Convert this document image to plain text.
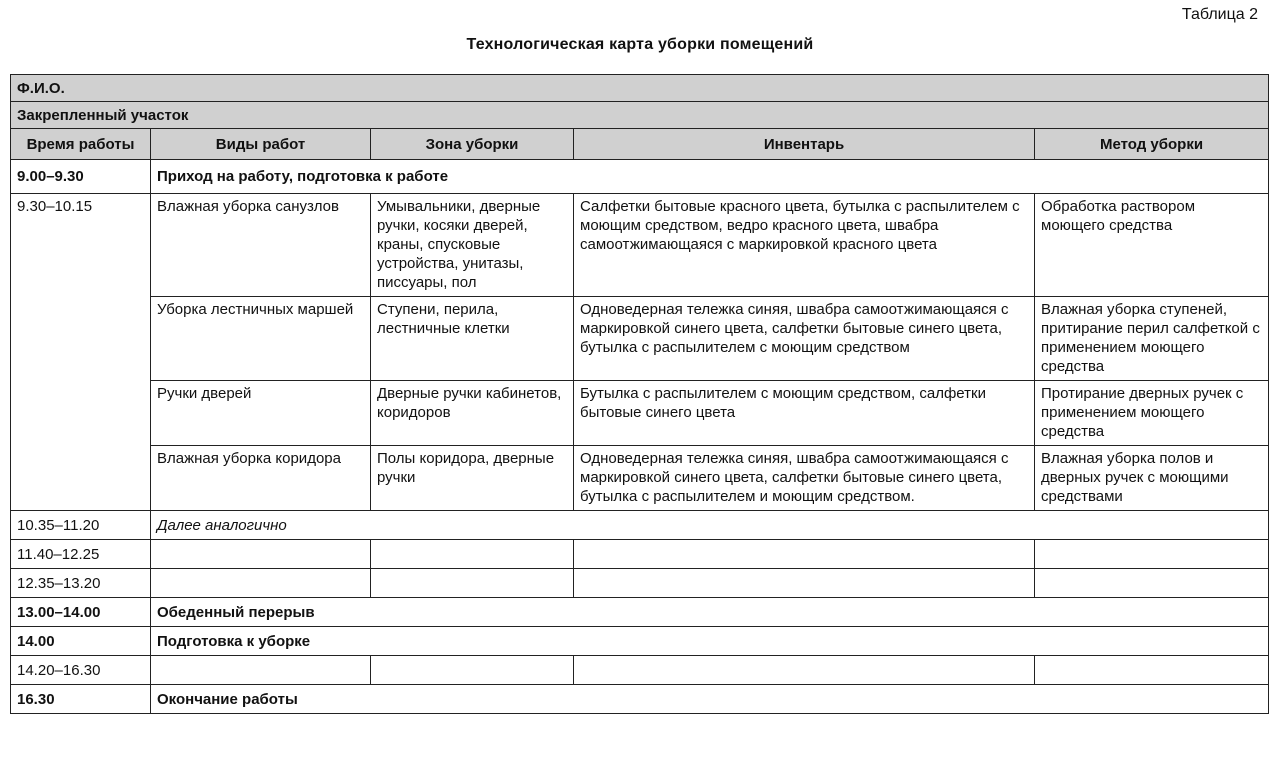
Таблица 2
Технологическая карта уборки помещений
Ф.И.О.				
Закрепленный участок				
Время работы	Виды работ	Зона уборки	Инвентарь	Метод уборки
9.00–9.30	Приход на работу, подготовка к работе			
9.30–10.15	Влажная уборка санузлов	Умывальники, дверные ручки, косяки дверей, краны, спусковые устройства, унитазы, писсуары, пол	Салфетки бытовые красного цвета, бутылка с распылителем с моющим средством, ведро красного цвета, швабра самоотжимающаяся с маркировкой красного цвета	Обработка раствором моющего средства
	Уборка лестничных маршей	Ступени, перила, лестничные клетки	Одноведерная тележка синяя, швабра самоотжимающаяся с маркировкой синего цвета, салфетки бытовые синего цвета, бутылка с распылителем с моющим средством	Влажная уборка ступеней, притирание перил салфеткой с применением моющего средства
	Ручки дверей	Дверные ручки кабинетов, коридоров	Бутылка с распылителем с моющим средством, салфетки бытовые синего цвета	Протирание дверных ручек с применением моющего средства
	Влажная уборка коридора	Полы коридора, дверные ручки	Одноведерная тележка синяя, швабра самоотжимающаяся с маркировкой синего цвета, салфетки бытовые синего цвета, бутылка с распылителем и моющим средством.	Влажная уборка полов и дверных ручек с моющими средствами
10.35–11.20	Далее аналогично			
11.40–12.25				
12.35–13.20				
13.00–14.00	Обеденный перерыв			
14.00	Подготовка к уборке			
14.20–16.30				
16.30	Окончание работы			
